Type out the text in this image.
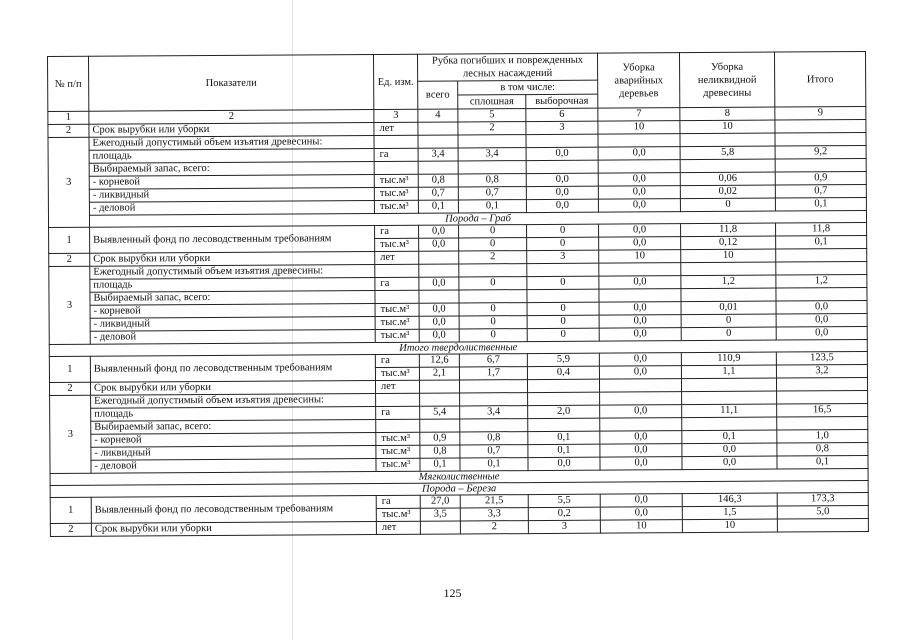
№ п/п	Показатели	Ед. изм.	Рубка погибших и поврежденных лесных насаждений			Уборка аварийных деревьев	Уборка неликвидной древесины	Итого
			всего	в том числе:				
				сплошная	выборочная			
1	2	3	4	5	6	7	8	9
2	Срок вырубки или уборки	лет		2	3	10	10	
3	Ежегодный допустимый объем изъятия древесины:							
	площадь	га	3,4	3,4	0,0	0,0	5,8	9,2
	Выбираемый запас, всего:							
	- корневой	тыс.м³	0,8	0,8	0,0	0,0	0,06	0,9
	- ликвидный	тыс.м³	0,7	0,7	0,0	0,0	0,02	0,7
	- деловой	тыс.м³	0,1	0,1	0,0	0,0	0	0,1
	Порода – Граб							
1	Выявленный фонд по лесоводственным требованиям	га	0,0	0	0	0,0	11,8	11,8
		тыс.м³	0,0	0	0	0,0	0,12	0,1
2	Срок вырубки или уборки	лет		2	3	10	10	
3	Ежегодный допустимый объем изъятия древесины:							
	площадь	га	0,0	0	0	0,0	1,2	1,2
	Выбираемый запас, всего:							
	- корневой	тыс.м³	0,0	0	0	0,0	0,01	0,0
	- ликвидный	тыс.м³	0,0	0	0	0,0	0	0,0
	- деловой	тыс.м³	0,0	0	0	0,0	0	0,0
Итого твердолиственные								
1	Выявленный фонд по лесоводственным требованиям	га	12,6	6,7	5,9	0,0	110,9	123,5
		тыс.м³	2,1	1,7	0,4	0,0	1,1	3,2
2	Срок вырубки или уборки	лет						
3	Ежегодный допустимый объем изъятия древесины:							
	площадь	га	5,4	3,4	2,0	0,0	11,1	16,5
	Выбираемый запас, всего:							
	- корневой	тыс.м³	0,9	0,8	0,1	0,0	0,1	1,0
	- ликвидный	тыс.м³	0,8	0,7	0,1	0,0	0,0	0,8
	- деловой	тыс.м³	0,1	0,1	0,0	0,0	0,0	0,1
Мягколиственные								
Порода – Береза								
1	Выявленный фонд по лесоводственным требованиям	га	27,0	21,5	5,5	0,0	146,3	173,3
		тыс.м³	3,5	3,3	0,2	0,0	1,5	5,0
2	Срок вырубки или уборки	лет		2	3	10	10	
125
